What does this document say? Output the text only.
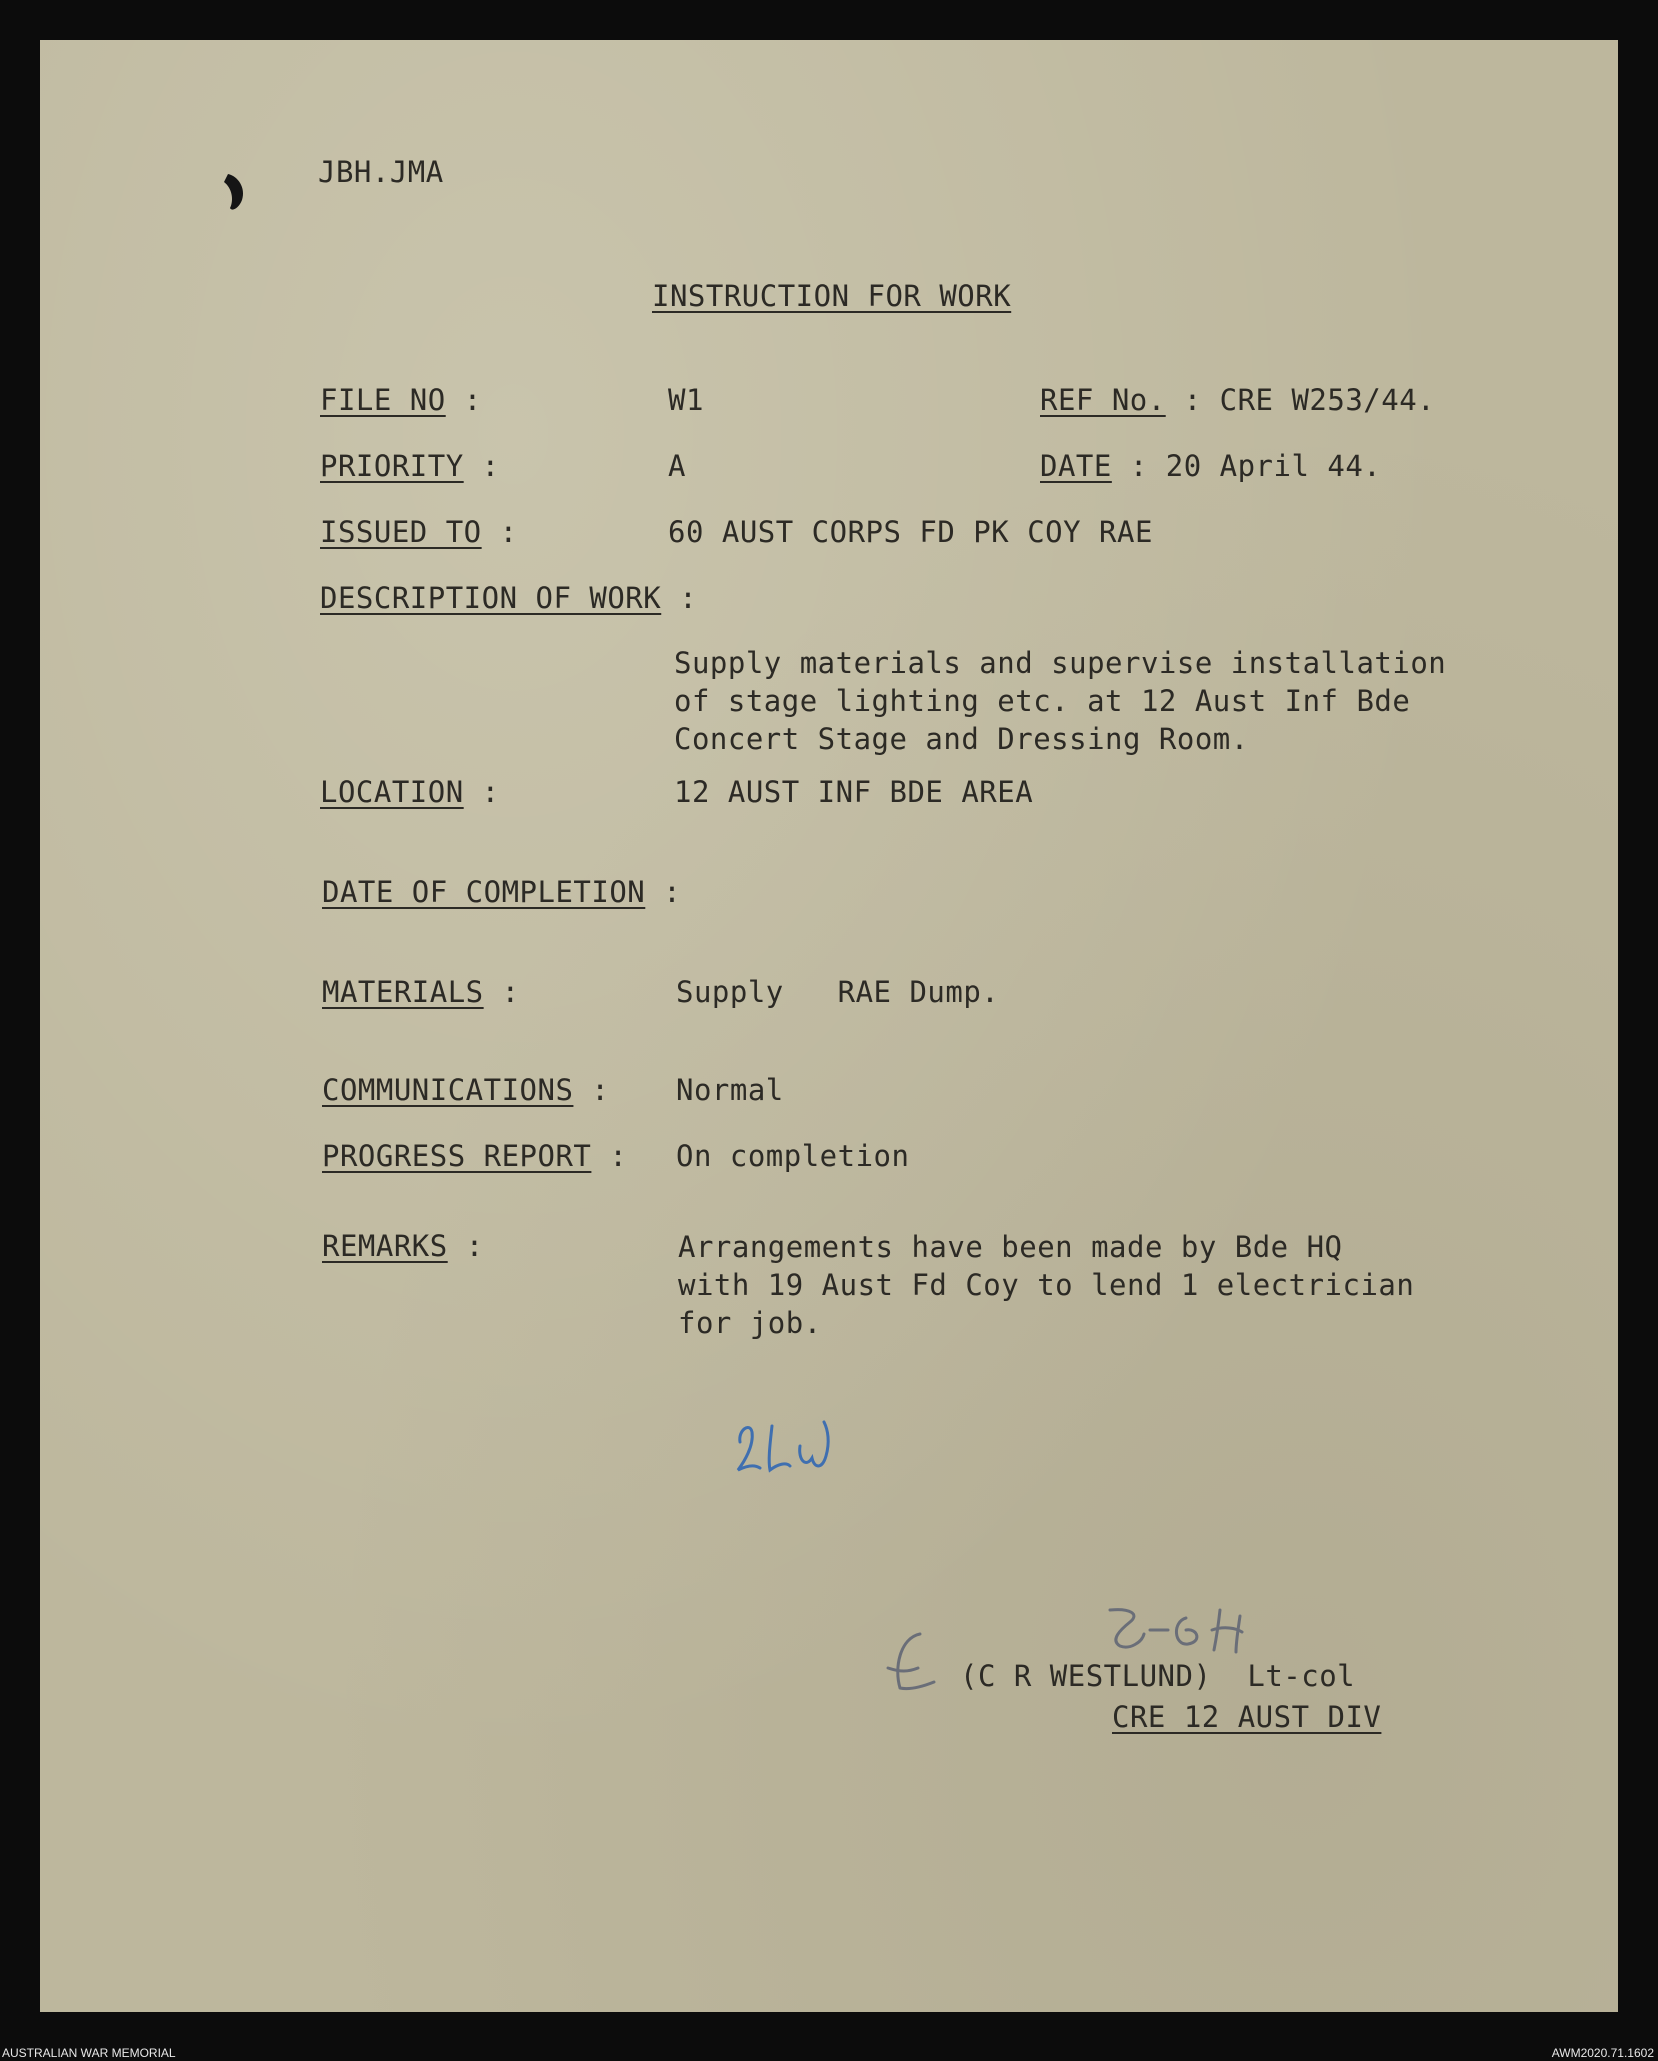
JBH.JMA
INSTRUCTION FOR WORK
FILE NO :	W1	REF No. : CRE W253/44.
PRIORITY :	A	DATE : 20 April 44.
ISSUED TO :	60 AUST CORPS FD PK COY RAE
DESCRIPTION OF WORK :
Supply materials and supervise installation
of stage lighting etc. at 12 Aust Inf Bde
Concert Stage and Dressing Room.
LOCATION :	12 AUST INF BDE AREA
DATE OF COMPLETION :
MATERIALS :	Supply   RAE Dump.
COMMUNICATIONS : Normal
PROGRESS REPORT : On completion
REMARKS :	Arrangements have been made by Bde HQ
with 19 Aust Fd Coy to lend 1 electrician
for job.
(C R WESTLUND) Lt-col
CRE 12 AUST DIV
AUSTRALIAN WAR MEMORIAL	AWM2020.71.1602
